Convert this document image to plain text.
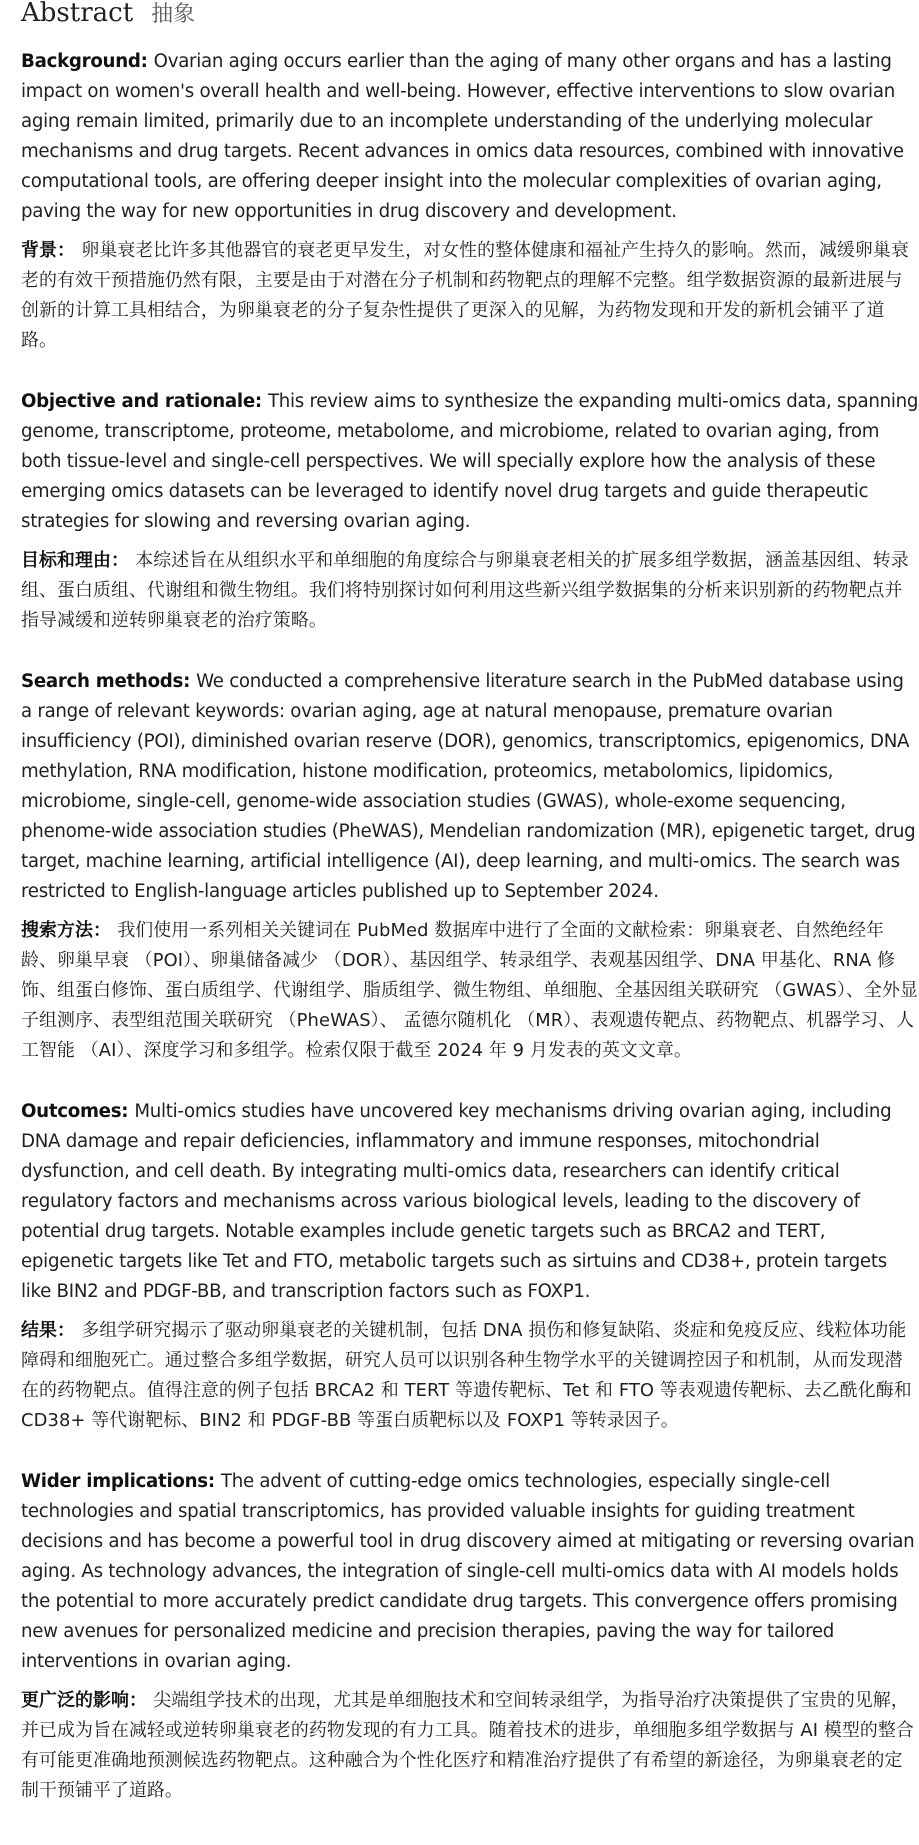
Abstract 抽象

Background: Ovarian aging occurs earlier than the aging of many other organs and has a lasting impact on women's overall health and well-being. However, effective interventions to slow ovarian aging remain limited, primarily due to an incomplete understanding of the underlying molecular mechanisms and drug targets. Recent advances in omics data resources, combined with innovative computational tools, are offering deeper insight into the molecular complexities of ovarian aging, paving the way for new opportunities in drug discovery and development.

背景： 卵巢衰老比许多其他器官的衰老更早发生，对女性的整体健康和福祉产生持久的影响。然而，减缓卵巢衰老的有效干预措施仍然有限，主要是由于对潜在分子机制和药物靶点的理解不完整。组学数据资源的最新进展与创新的计算工具相结合，为卵巢衰老的分子复杂性提供了更深入的见解，为药物发现和开发的新机会铺平了道路。

Objective and rationale: This review aims to synthesize the expanding multi-omics data, spanning genome, transcriptome, proteome, metabolome, and microbiome, related to ovarian aging, from both tissue-level and single-cell perspectives. We will specially explore how the analysis of these emerging omics datasets can be leveraged to identify novel drug targets and guide therapeutic strategies for slowing and reversing ovarian aging.

目标和理由： 本综述旨在从组织水平和单细胞的角度综合与卵巢衰老相关的扩展多组学数据，涵盖基因组、转录组、蛋白质组、代谢组和微生物组。我们将特别探讨如何利用这些新兴组学数据集的分析来识别新的药物靶点并指导减缓和逆转卵巢衰老的治疗策略。

Search methods: We conducted a comprehensive literature search in the PubMed database using a range of relevant keywords: ovarian aging, age at natural menopause, premature ovarian insufficiency (POI), diminished ovarian reserve (DOR), genomics, transcriptomics, epigenomics, DNA methylation, RNA modification, histone modification, proteomics, metabolomics, lipidomics, microbiome, single-cell, genome-wide association studies (GWAS), whole-exome sequencing, phenome-wide association studies (PheWAS), Mendelian randomization (MR), epigenetic target, drug target, machine learning, artificial intelligence (AI), deep learning, and multi-omics. The search was restricted to English-language articles published up to September 2024.

搜索方法： 我们使用一系列相关关键词在 PubMed 数据库中进行了全面的文献检索：卵巢衰老、自然绝经年龄、卵巢早衰 （POI）、卵巢储备减少 （DOR）、基因组学、转录组学、表观基因组学、DNA 甲基化、RNA 修饰、组蛋白修饰、蛋白质组学、代谢组学、脂质组学、微生物组、单细胞、全基因组关联研究 （GWAS）、全外显子组测序、表型组范围关联研究 （PheWAS）、 孟德尔随机化 （MR）、表观遗传靶点、药物靶点、机器学习、人工智能 （AI）、深度学习和多组学。检索仅限于截至 2024 年 9 月发表的英文文章。

Outcomes: Multi-omics studies have uncovered key mechanisms driving ovarian aging, including DNA damage and repair deficiencies, inflammatory and immune responses, mitochondrial dysfunction, and cell death. By integrating multi-omics data, researchers can identify critical regulatory factors and mechanisms across various biological levels, leading to the discovery of potential drug targets. Notable examples include genetic targets such as BRCA2 and TERT, epigenetic targets like Tet and FTO, metabolic targets such as sirtuins and CD38+, protein targets like BIN2 and PDGF-BB, and transcription factors such as FOXP1.

结果： 多组学研究揭示了驱动卵巢衰老的关键机制，包括 DNA 损伤和修复缺陷、炎症和免疫反应、线粒体功能障碍和细胞死亡。通过整合多组学数据，研究人员可以识别各种生物学水平的关键调控因子和机制，从而发现潜在的药物靶点。值得注意的例子包括 BRCA2 和 TERT 等遗传靶标、Tet 和 FTO 等表观遗传靶标、去乙酰化酶和 CD38+ 等代谢靶标、BIN2 和 PDGF-BB 等蛋白质靶标以及 FOXP1 等转录因子。

Wider implications: The advent of cutting-edge omics technologies, especially single-cell technologies and spatial transcriptomics, has provided valuable insights for guiding treatment decisions and has become a powerful tool in drug discovery aimed at mitigating or reversing ovarian aging. As technology advances, the integration of single-cell multi-omics data with AI models holds the potential to more accurately predict candidate drug targets. This convergence offers promising new avenues for personalized medicine and precision therapies, paving the way for tailored interventions in ovarian aging.

更广泛的影响： 尖端组学技术的出现，尤其是单细胞技术和空间转录组学，为指导治疗决策提供了宝贵的见解，并已成为旨在减轻或逆转卵巢衰老的药物发现的有力工具。随着技术的进步，单细胞多组学数据与 AI 模型的整合有可能更准确地预测候选药物靶点。这种融合为个性化医疗和精准治疗提供了有希望的新途径，为卵巢衰老的定制干预铺平了道路。
